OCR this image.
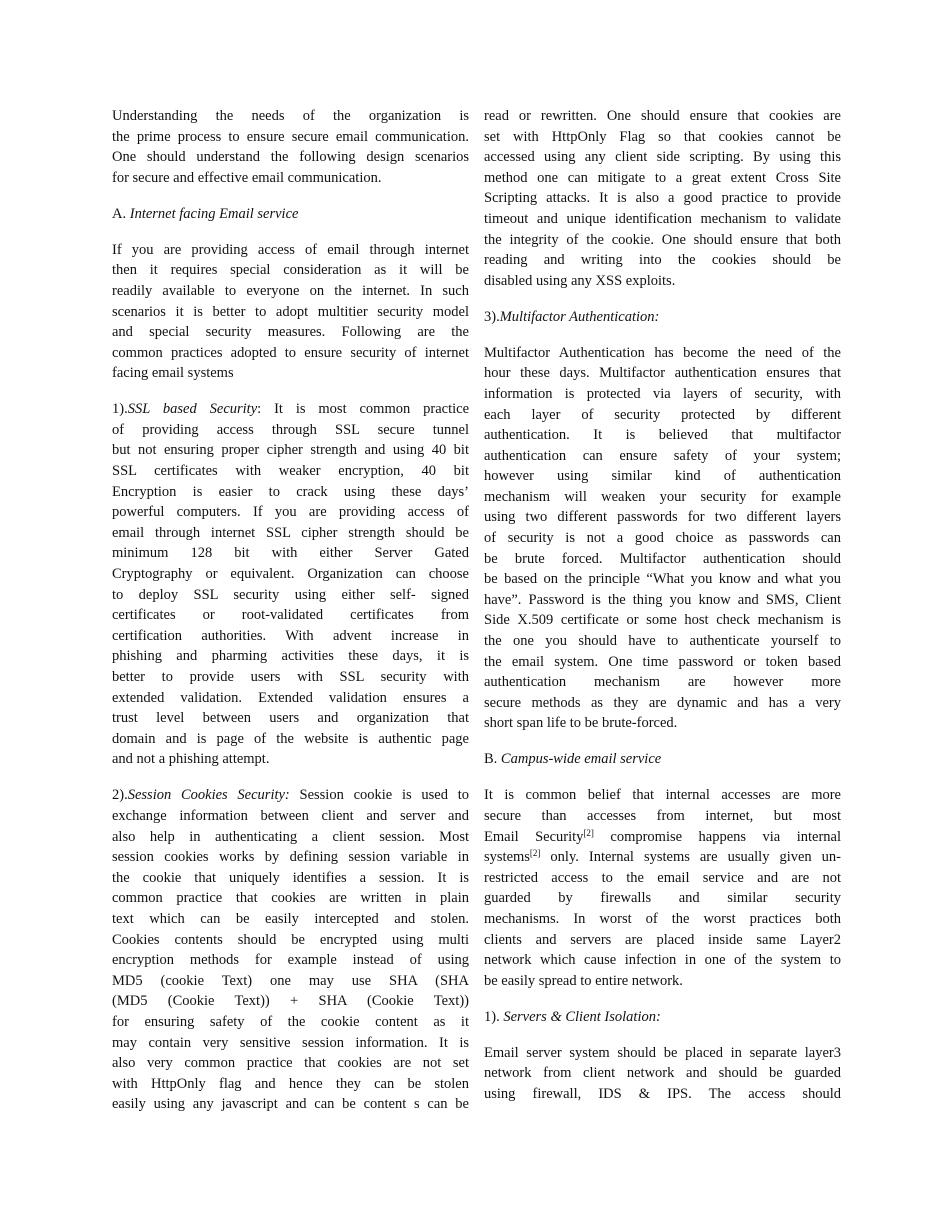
Understanding the needs of the organization is
the prime process to ensure secure email communication.
One should understand the following design scenarios
for secure and effective email communication.
A. Internet facing Email service
If you are providing access of email through internet
then it requires special consideration as it will be
readily available to everyone on the internet. In such
scenarios it is better to adopt multitier security model
and special security measures. Following are the
common practices adopted to ensure security of internet
facing email systems
1).SSL based Security: It is most common practice
of providing access through SSL secure tunnel
but not ensuring proper cipher strength and using 40 bit
SSL certificates with weaker encryption, 40 bit
Encryption is easier to crack using these days’
powerful computers. If you are providing access of
email through internet SSL cipher strength should be
minimum 128 bit with either Server Gated
Cryptography or equivalent. Organization can choose
to deploy SSL security using either self- signed
certificates or root-validated certificates from
certification authorities. With advent increase in
phishing and pharming activities these days, it is
better to provide users with SSL security with
extended validation. Extended validation ensures a
trust level between users and organization that
domain and is page of the website is authentic page
and not a phishing attempt.
2).Session Cookies Security: Session cookie is used to
exchange information between client and server and
also help in authenticating a client session. Most
session cookies works by defining session variable in
the cookie that uniquely identifies a session. It is
common practice that cookies are written in plain
text which can be easily intercepted and stolen.
Cookies contents should be encrypted using multi
encryption methods for example instead of using
MD5 (cookie Text) one may use SHA (SHA
(MD5 (Cookie Text)) + SHA (Cookie Text))
for ensuring safety of the cookie content as it
may contain very sensitive session information. It is
also very common practice that cookies are not set
with HttpOnly flag and hence they can be stolen
easily using any javascript and can be content s can be
read or rewritten. One should ensure that cookies are
set with HttpOnly Flag so that cookies cannot be
accessed using any client side scripting. By using this
method one can mitigate to a great extent Cross Site
Scripting attacks. It is also a good practice to provide
timeout and unique identification mechanism to validate
the integrity of the cookie. One should ensure that both
reading and writing into the cookies should be
disabled using any XSS exploits.
3).Multifactor Authentication:
Multifactor Authentication has become the need of the
hour these days. Multifactor authentication ensures that
information is protected via layers of security, with
each layer of security protected by different
authentication. It is believed that multifactor
authentication can ensure safety of your system;
however using similar kind of authentication
mechanism will weaken your security for example
using two different passwords for two different layers
of security is not a good choice as passwords can
be brute forced. Multifactor authentication should
be based on the principle “What you know and what you
have”. Password is the thing you know and SMS, Client
Side X.509 certificate or some host check mechanism is
the one you should have to authenticate yourself to
the email system. One time password or token based
authentication mechanism are however more
secure methods as they are dynamic and has a very
short span life to be brute-forced.
B. Campus-wide email service
It is common belief that internal accesses are more
secure than accesses from internet, but most
Email Security[2] compromise happens via internal
systems[2] only. Internal systems are usually given un-
restricted access to the email service and are not
guarded by firewalls and similar security
mechanisms. In worst of the worst practices both
clients and servers are placed inside same Layer2
network which cause infection in one of the system to
be easily spread to entire network.
1). Servers & Client Isolation:
Email server system should be placed in separate layer3
network from client network and should be guarded
using firewall, IDS & IPS. The access should
